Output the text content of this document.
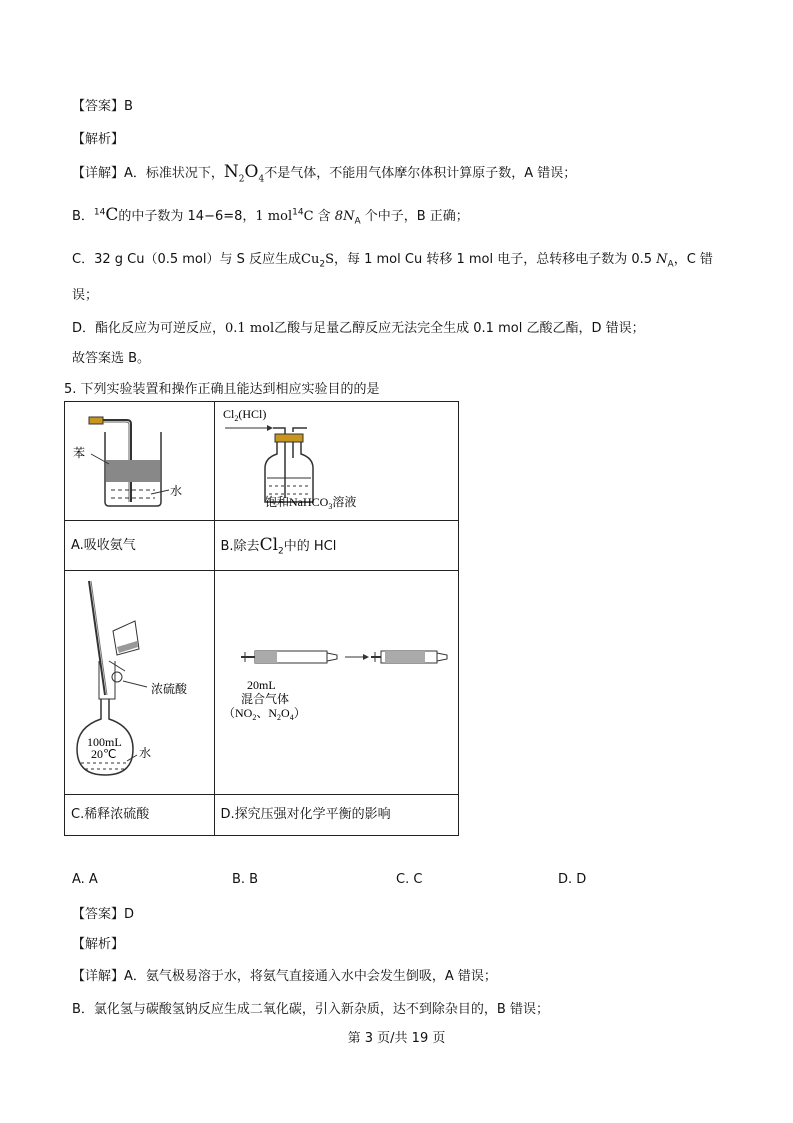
【答案】B
【解析】
【详解】A．标准状况下，$N_2O_4$不是气体，不能用气体摩尔体积计算原子数，A 错误；
B．$^{14}$C的中子数为 14−6=8，1 mol$^{14}$C 含 $8N_A$ 个中子，B 正确；
C．32 g Cu（0.5 mol）与 S 反应生成$Cu_2S$，每 1 mol Cu 转移 1 mol 电子，总转移电子数为 0.5 $N_A$，C 错
误；
D．酯化反应为可逆反应，0.1 mol乙酸与足量乙醇反应无法完全生成 0.1 mol 乙酸乙酯，D 错误；
故答案选 B。
5. 下列实验装置和操作正确且能达到相应实验目的的是
苯
水	$Cl_2(HCl)$
饱和NaHCO$_3$溶液

A.吸收氨气	B.除去$Cl_2$中的 HCl

浓硫酸
100mL
20℃ 水	20mL
混合气体
（$NO_2$、$N_2O_4$）

C.稀释浓硫酸	D.探究压强对化学平衡的影响
A. A	B. B	C. C	D. D
【答案】D
【解析】
【详解】A．氨气极易溶于水，将氨气直接通入水中会发生倒吸，A 错误；
B．氯化氢与碳酸氢钠反应生成二氧化碳，引入新杂质，达不到除杂目的，B 错误；
第 3 页/共 19 页
